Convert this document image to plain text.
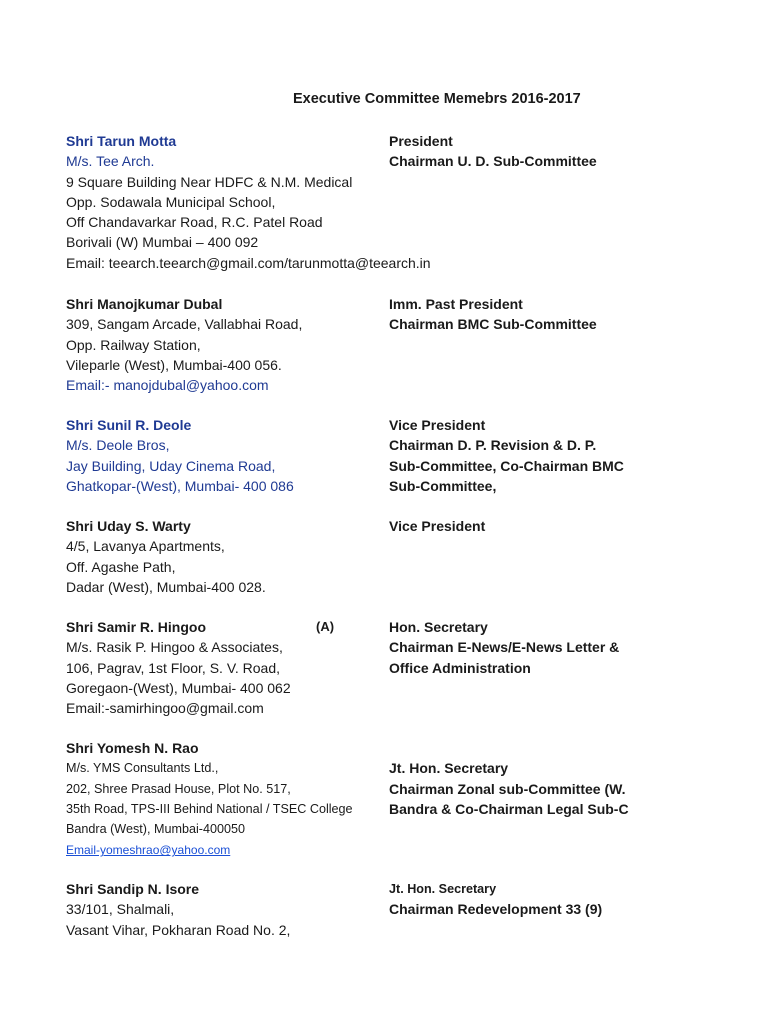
Executive Committee Memebrs 2016-2017
Shri Tarun Motta
M/s. Tee Arch.
9 Square Building Near HDFC & N.M. Medical
Opp. Sodawala Municipal School,
Off Chandavarkar Road, R.C. Patel Road
Borivali (W) Mumbai – 400 092
Email: teearch.teearch@gmail.com/tarunmotta@teearch.in
President
Chairman U. D. Sub-Committee
Shri Manojkumar Dubal
309, Sangam Arcade, Vallabhai Road,
Opp. Railway Station,
Vileparle (West), Mumbai-400 056.
Email:- manojdubal@yahoo.com
Imm. Past President
Chairman BMC Sub-Committee
Shri Sunil R. Deole
M/s. Deole Bros,
Jay Building, Uday Cinema Road,
Ghatkopar-(West), Mumbai- 400 086
Vice President
Chairman D. P. Revision & D. P.
Sub-Committee, Co-Chairman BMC
Sub-Committee,
Shri Uday S. Warty
4/5, Lavanya Apartments,
Off. Agashe Path,
Dadar (West), Mumbai-400 028.
Vice President
Shri Samir R. Hingoo
M/s. Rasik P. Hingoo & Associates,
106, Pagrav, 1st Floor, S. V. Road,
Goregaon-(West), Mumbai- 400 062
Email:-samirhingoo@gmail.com
(A)	Hon. Secretary
Chairman E-News/E-News Letter &
Office Administration
Shri Yomesh N. Rao
M/s. YMS Consultants Ltd.,
202, Shree Prasad House, Plot No. 517,
35th Road, TPS-III Behind National / TSEC College
Bandra (West), Mumbai-400050
Email-yomeshrao@yahoo.com
Jt. Hon. Secretary
Chairman Zonal sub-Committee (W.
Bandra & Co-Chairman Legal Sub-C
Shri Sandip N. Isore
33/101, Shalmali,
Vasant Vihar, Pokharan Road No. 2,
Jt. Hon. Secretary
Chairman Redevelopment 33 (9)
